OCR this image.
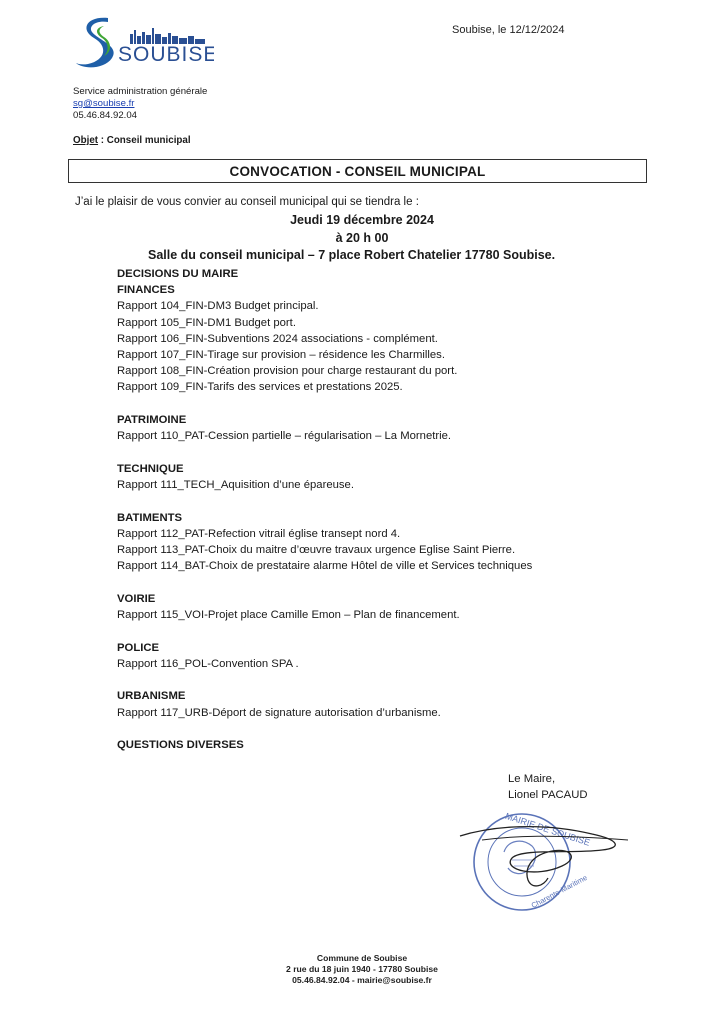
SOUBISE
Soubise, le 12/12/2024
Service administration générale
sg@soubise.fr
05.46.84.92.04
Objet : Conseil municipal
CONVOCATION - CONSEIL MUNICIPAL
J’ai le plaisir de vous convier au conseil municipal qui se tiendra le :
Jeudi 19 décembre 2024
à 20 h 00
Salle du conseil municipal – 7 place Robert Chatelier 17780 Soubise.
DECISIONS DU MAIRE
FINANCES
Rapport 104_FIN-DM3 Budget principal.
Rapport 105_FIN-DM1 Budget port.
Rapport 106_FIN-Subventions 2024 associations - complément.
Rapport 107_FIN-Tirage sur provision – résidence les Charmilles.
Rapport 108_FIN-Création provision pour charge restaurant du port.
Rapport 109_FIN-Tarifs des services et prestations 2025.
PATRIMOINE
Rapport 110_PAT-Cession partielle – régularisation – La Mornetrie.
TECHNIQUE
Rapport 111_TECH_Aquisition d’une épareuse.
BATIMENTS
Rapport 112_PAT-Refection vitrail église transept nord 4.
Rapport 113_PAT-Choix du maitre d’œuvre travaux urgence Eglise Saint Pierre.
Rapport 114_BAT-Choix de prestataire alarme Hôtel de ville et Services techniques
VOIRIE
Rapport 115_VOI-Projet place Camille Emon – Plan de financement.
POLICE
Rapport 116_POL-Convention SPA .
URBANISME
Rapport 117_URB-Déport de signature autorisation d’urbanisme.
QUESTIONS DIVERSES
Le Maire,
Lionel PACAUD
MAIRIE DE SOUBISE
Charente-Maritime
Commune de Soubise
2 rue du 18 juin 1940 - 17780 Soubise
05.46.84.92.04 - mairie@soubise.fr
